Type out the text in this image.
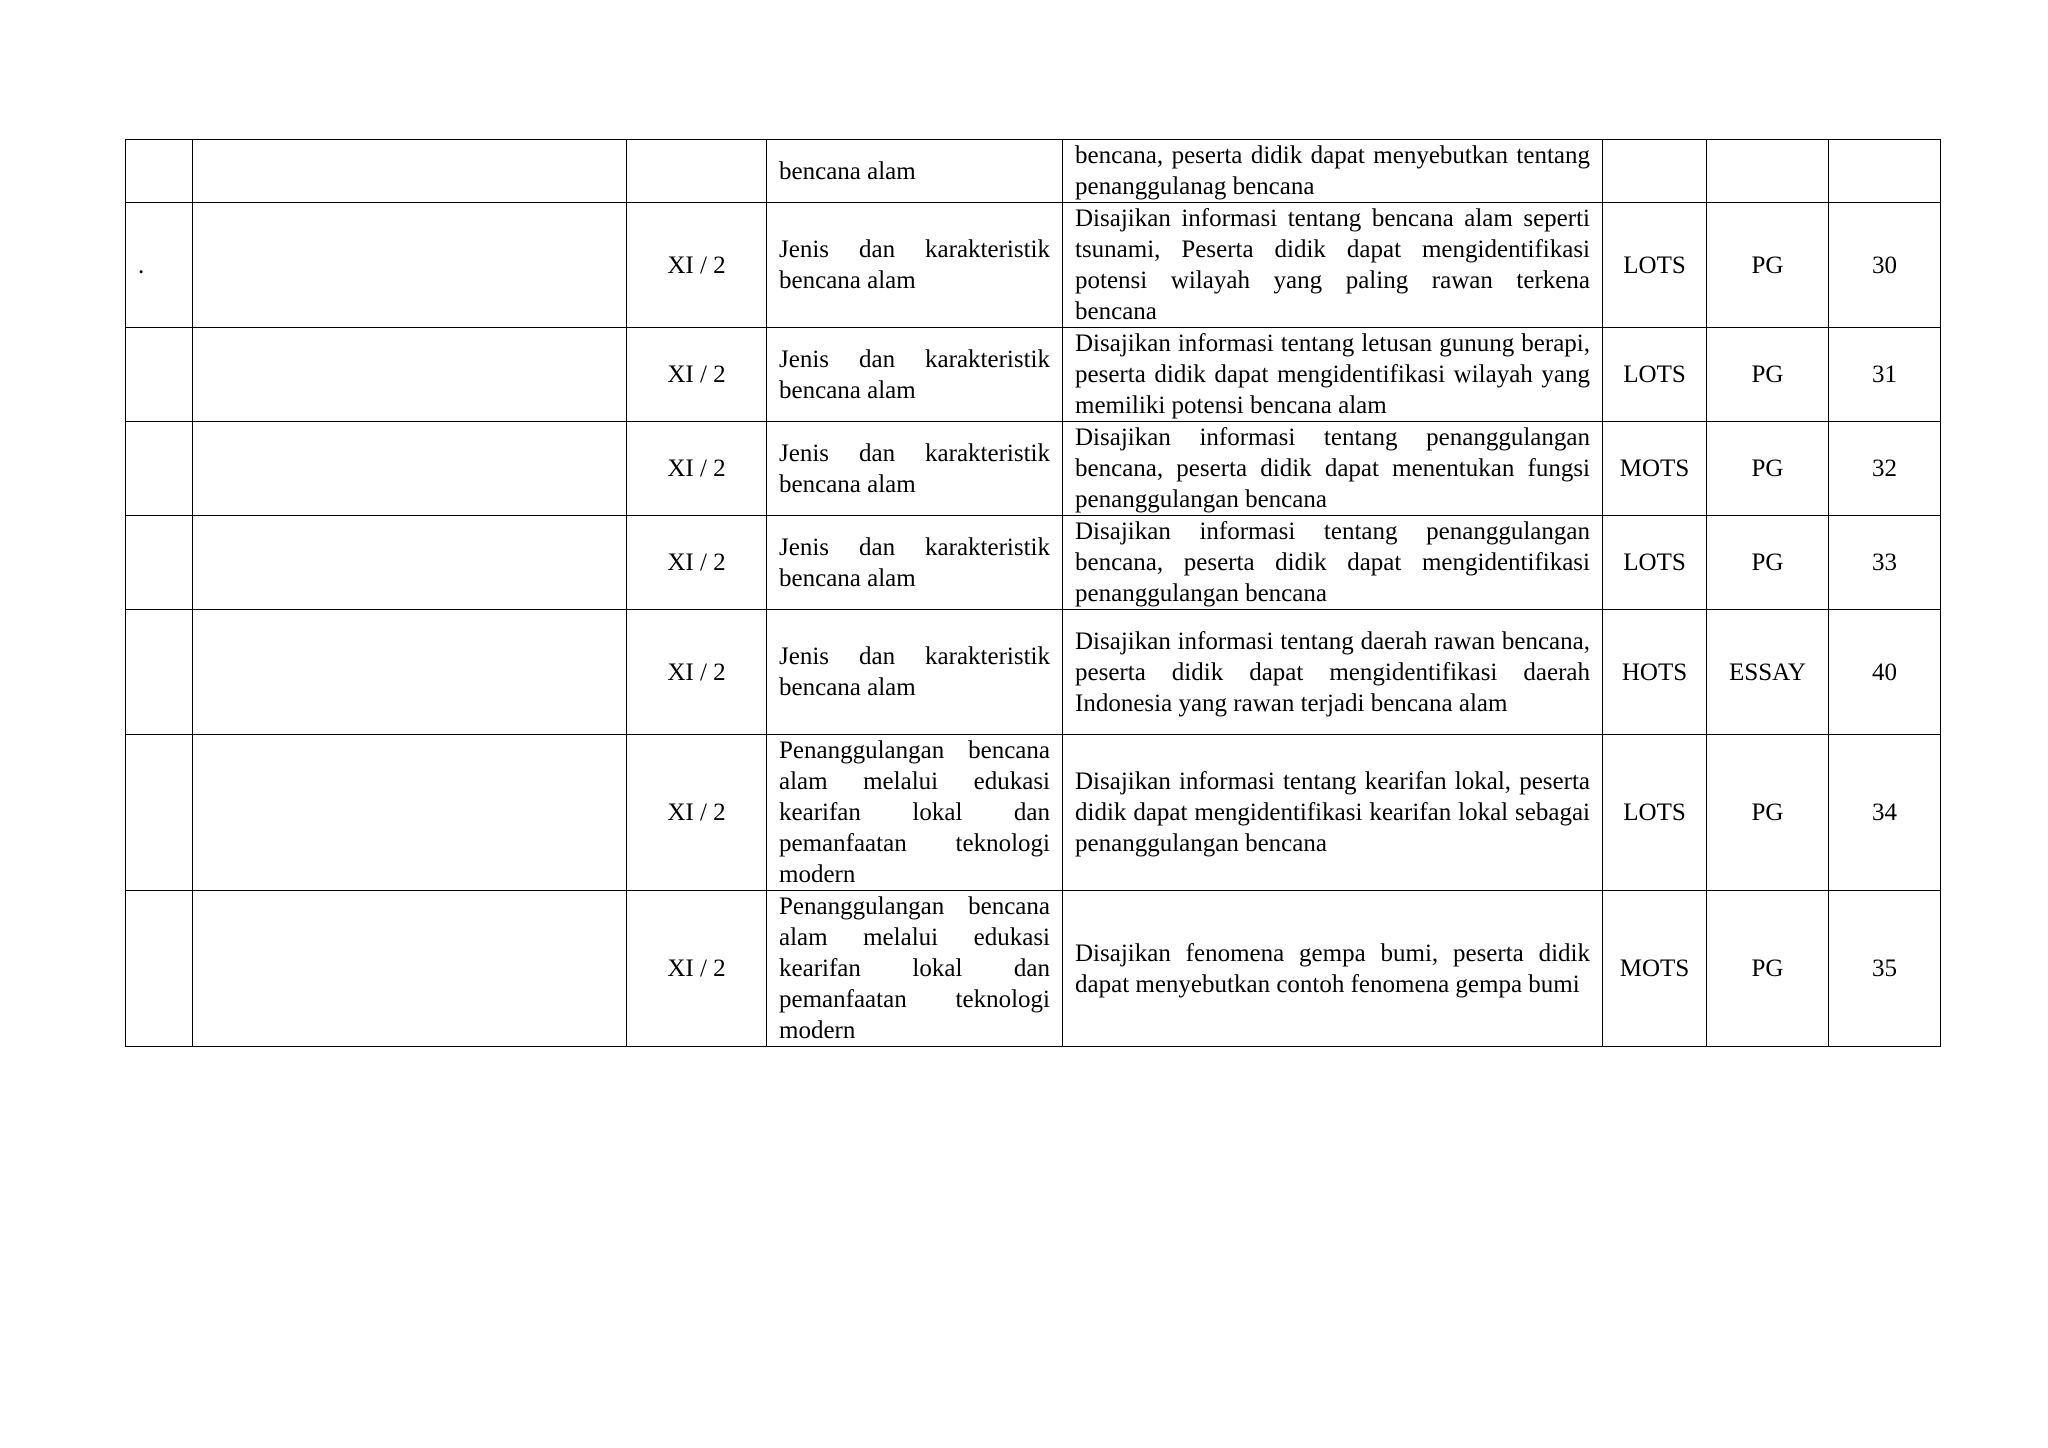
			bencana alam	bencana, peserta didik dapat menyebutkan tentang penanggulanag bencana			
.		XI / 2	Jenis dan karakteristik bencana alam	Disajikan informasi tentang bencana alam seperti tsunami, Peserta didik dapat mengidentifikasi potensi wilayah yang paling rawan terkena bencana	LOTS	PG	30
		XI / 2	Jenis dan karakteristik bencana alam	Disajikan informasi tentang letusan gunung berapi, peserta didik dapat mengidentifikasi wilayah yang memiliki potensi bencana alam	LOTS	PG	31
		XI / 2	Jenis dan karakteristik bencana alam	Disajikan informasi tentang penanggulangan bencana, peserta didik dapat menentukan fungsi penanggulangan bencana	MOTS	PG	32
		XI / 2	Jenis dan karakteristik bencana alam	Disajikan informasi tentang penanggulangan bencana, peserta didik dapat mengidentifikasi penanggulangan bencana	LOTS	PG	33
		XI / 2	Jenis dan karakteristik bencana alam	Disajikan informasi tentang daerah rawan bencana, peserta didik dapat mengidentifikasi daerah Indonesia yang rawan terjadi bencana alam	HOTS	ESSAY	40
		XI / 2	Penanggulangan bencana alam melalui edukasi kearifan lokal dan pemanfaatan teknologi modern	Disajikan informasi tentang kearifan lokal, peserta didik dapat mengidentifikasi kearifan lokal sebagai penanggulangan bencana	LOTS	PG	34
		XI / 2	Penanggulangan bencana alam melalui edukasi kearifan lokal dan pemanfaatan teknologi modern	Disajikan fenomena gempa bumi, peserta didik dapat menyebutkan contoh fenomena gempa bumi	MOTS	PG	35
